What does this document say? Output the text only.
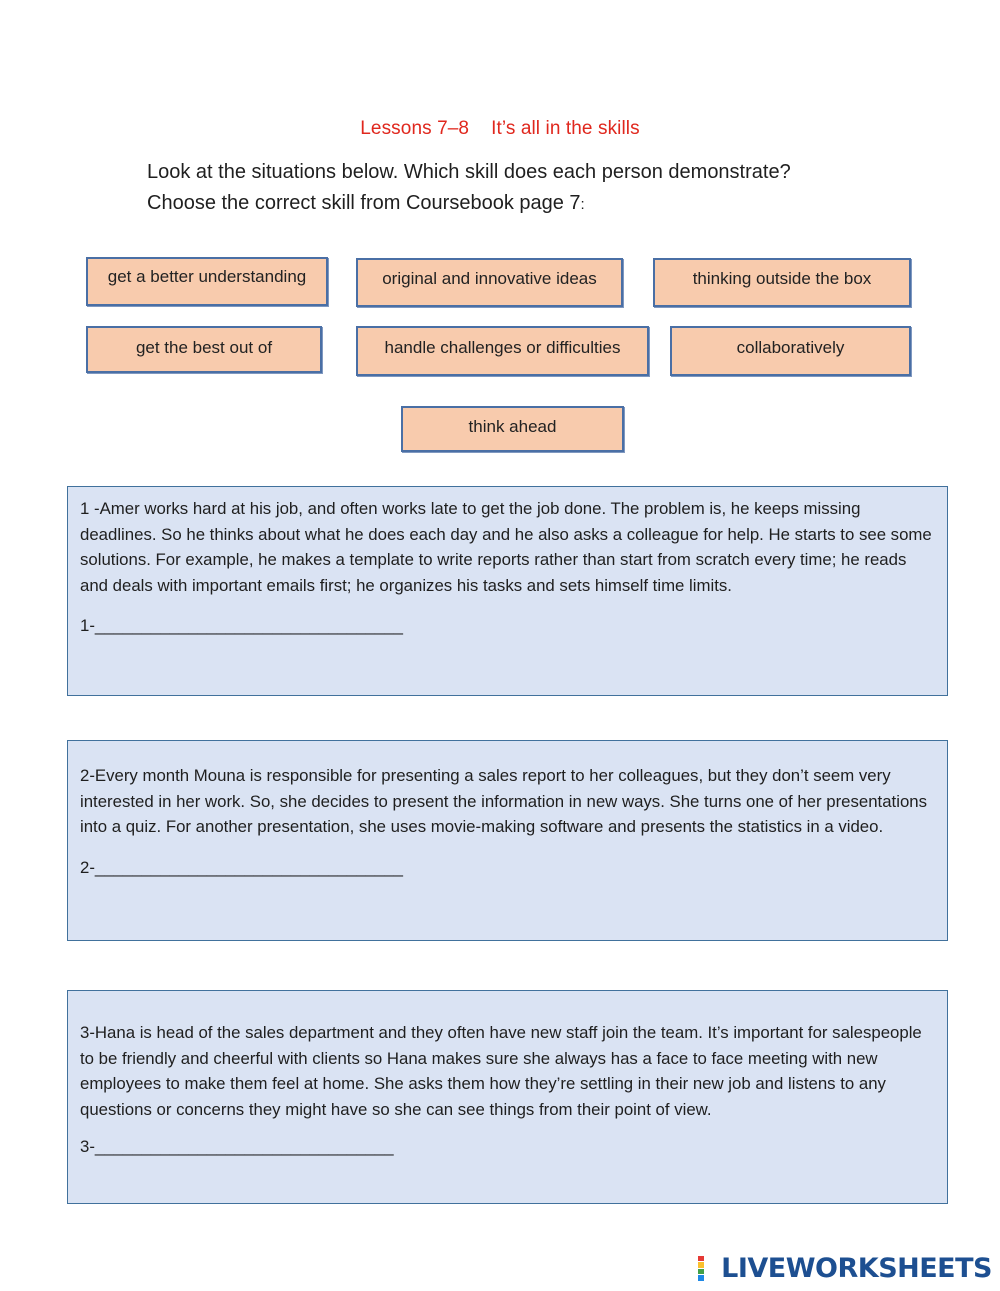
Lessons 7–8 It’s all in the skills
Look at the situations below. Which skill does each person demonstrate?
Choose the correct skill from Coursebook page 7:
get a better understanding	original and innovative ideas	thinking outside the box
get the best out of	handle challenges or difficulties	collaboratively
think ahead
1 -Amer works hard at his job, and often works late to get the job done. The problem is, he keeps missing deadlines. So he thinks about what he does each day and he also asks a colleague for help. He starts to see some solutions. For example, he makes a template to write reports rather than start from scratch every time; he reads and deals with important emails first; he organizes his tasks and sets himself time limits.
1-_________________________________
2-Every month Mouna is responsible for presenting a sales report to her colleagues, but they don’t seem very interested in her work. So, she decides to present the information in new ways. She turns one of her presentations into a quiz. For another presentation, she uses movie-making software and presents the statistics in a video.
2-_________________________________
3-Hana is head of the sales department and they often have new staff join the team. It’s important for salespeople to be friendly and cheerful with clients so Hana makes sure she always has a face to face meeting with new employees to make them feel at home. She asks them how they’re settling in their new job and listens to any questions or concerns they might have so she can see things from their point of view.
3-________________________________
LIVEWORKSHEETS
